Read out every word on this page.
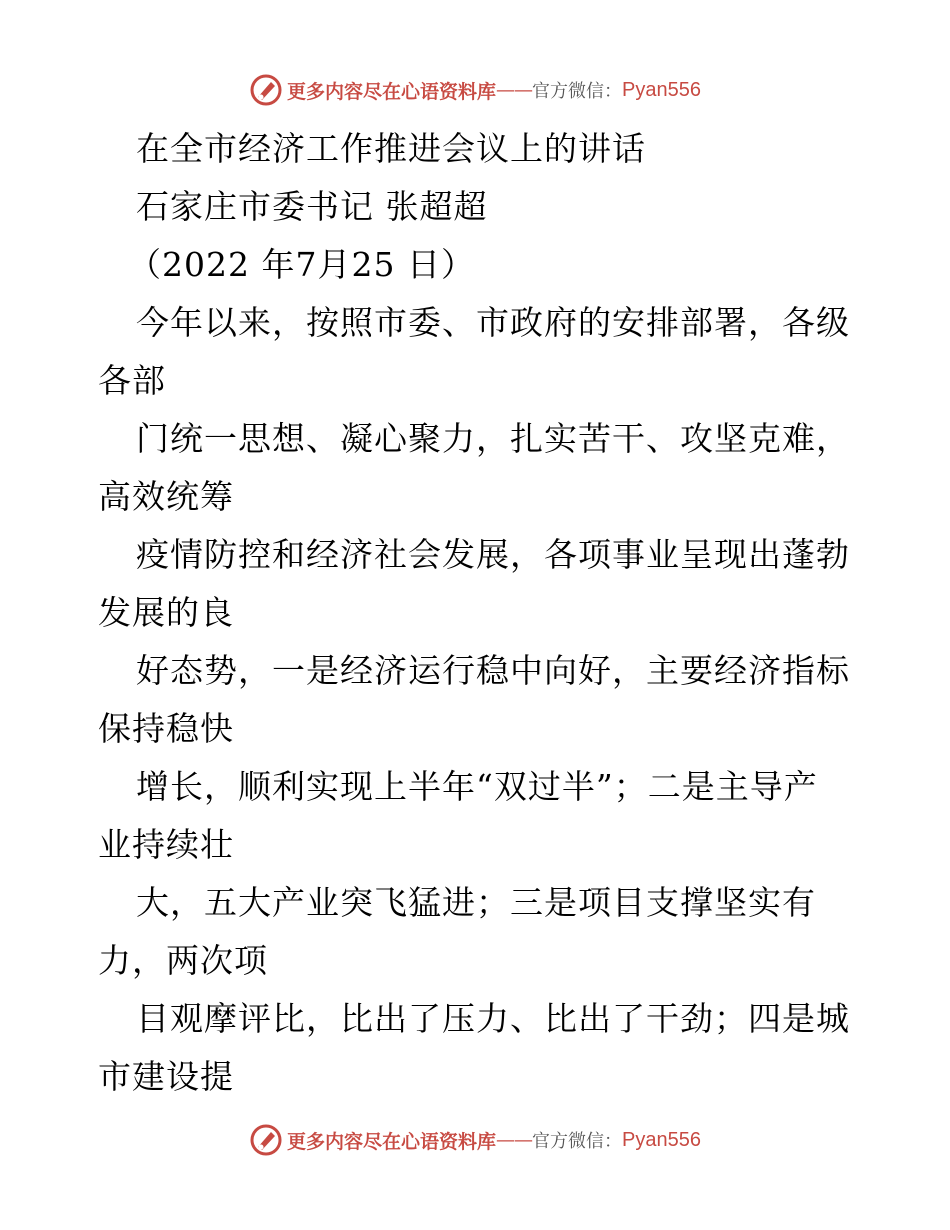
更多内容尽在心语资料库 —— 官方微信： Pyan556
在全市经济工作推进会议上的讲话
石家庄市委书记 张超超
（2022 年7月25 日）
今年以来，按照市委、市政府的安排部署，各级
各部
门统一思想、凝心聚力，扎实苦干、攻坚克难，
高效统筹
疫情防控和经济社会发展，各项事业呈现出蓬勃
发展的良
好态势，一是经济运行稳中向好，主要经济指标
保持稳快
增长，顺利实现上半年“双过半”；二是主导产
业持续壮
大，五大产业突飞猛进；三是项目支撑坚实有
力，两次项
目观摩评比，比出了压力、比出了干劲；四是城
市建设提
更多内容尽在心语资料库 —— 官方微信： Pyan556
